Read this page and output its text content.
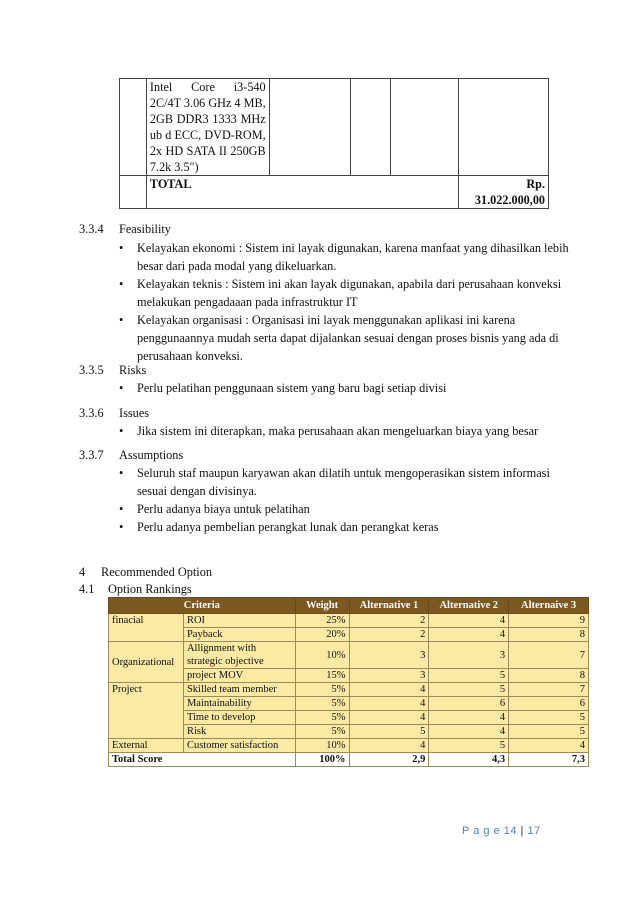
	Intel Core i3-540 2C/4T 3.06 GHz 4 MB, 2GB DDR3 1333 MHz ub d ECC, DVD-ROM, 2x HD SATA II 250GB 7.2k 3.5")				
	TOTAL				Rp. 31.022.000,00
3.3.4 Feasibility
• Kelayakan ekonomi : Sistem ini layak digunakan, karena manfaat yang dihasilkan lebih besar dari pada modal yang dikeluarkan.
• Kelayakan teknis : Sistem ini akan layak digunakan, apabila dari perusahaan konveksi melakukan pengadaaan pada infrastruktur IT
• Kelayakan organisasi : Organisasi ini layak menggunakan aplikasi ini karena penggunaannya mudah serta dapat dijalankan sesuai dengan proses bisnis yang ada di perusahaan konveksi.
3.3.5 Risks
• Perlu pelatihan penggunaan sistem yang baru bagi setiap divisi
3.3.6 Issues
• Jika sistem ini diterapkan, maka perusahaan akan mengeluarkan biaya yang besar
3.3.7 Assumptions
• Seluruh staf maupun karyawan akan dilatih untuk mengoperasikan sistem informasi sesuai dengan divisinya.
• Perlu adanya biaya untuk pelatihan
• Perlu adanya pembelian perangkat lunak dan perangkat keras
4 Recommended Option
4.1 Option Rankings
Criteria		Weight	Alternative 1	Alternative 2	Alternaive 3
finacial	ROI	25%	2	4	9
	Payback	20%	2	4	8
Organizational	Allignment with strategic objective	10%	3	3	7
	project MOV	15%	3	5	8
Project	Skilled team member	5%	4	5	7
	Maintainability	5%	4	6	6
	Time to develop	5%	4	4	5
	Risk	5%	5	4	5
External	Customer satisfaction	10%	4	5	4
Total Score		100%	2,9	4,3	7,3
P a g e 14 | 17
